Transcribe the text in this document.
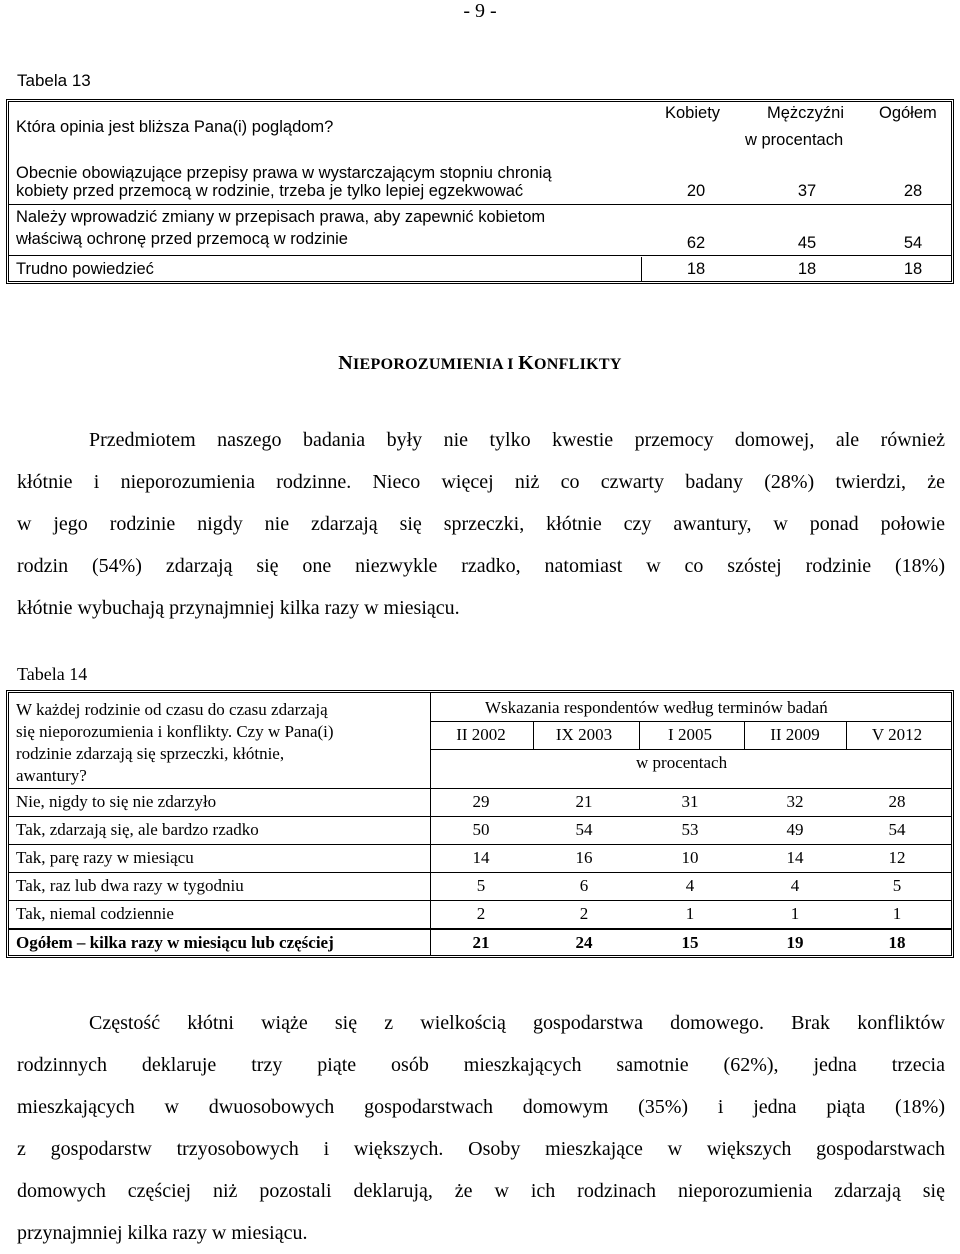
- 9 -
Tabela 13
Która opinia jest bliższa Pana(i) poglądom?
Kobiety	Mężczyźni Ogółem
w procentach
Obecnie obowiązujące przepisy prawa w wystarczającym stopniu chronią
kobiety przed przemocą w rodzinie, trzeba je tylko lepiej egzekwować	20	37	28
Należy wprowadzić zmiany w przepisach prawa, aby zapewnić kobietom
właściwą ochronę przed przemocą w rodzinie	62	45	54
Trudno powiedzieć	18	18	18
NIEPOROZUMIENIA I KONFLIKTY
Przedmiotem naszego badania były nie tylko kwestie przemocy domowej, ale również
kłótnie i nieporozumienia rodzinne. Nieco więcej niż co czwarty badany (28%) twierdzi, że
w jego rodzinie nigdy nie zdarzają się sprzeczki, kłótnie czy awantury, w ponad połowie
rodzin (54%) zdarzają się one niezwykle rzadko, natomiast w co szóstej rodzinie (18%)
kłótnie wybuchają przynajmniej kilka razy w miesiącu.
Tabela 14
W każdej rodzinie od czasu do czasu zdarzają
się nieporozumienia i konflikty. Czy w Pana(i)
rodzinie zdarzają się sprzeczki, kłótnie,
awantury?
Wskazania respondentów według terminów badań
II 2002	IX 2003	I 2005	II 2009	V 2012
w procentach
Nie, nigdy to się nie zdarzyło	29	21	31	32	28
Tak, zdarzają się, ale bardzo rzadko	50	54	53	49	54
Tak, parę razy w miesiącu	14	16	10	14	12
Tak, raz lub dwa razy w tygodniu	5	6	4	4	5
Tak, niemal codziennie	2	2	1	1	1
Ogółem – kilka razy w miesiącu lub częściej	21	24	15	19	18
Częstość kłótni wiąże się z wielkością gospodarstwa domowego. Brak konfliktów
rodzinnych deklaruje trzy piąte osób mieszkających samotnie (62%), jedna trzecia
mieszkających w dwuosobowych gospodarstwach domowym (35%) i jedna piąta (18%)
z gospodarstw trzyosobowych i większych. Osoby mieszkające w większych gospodarstwach
domowych częściej niż pozostali deklarują, że w ich rodzinach nieporozumienia zdarzają się
przynajmniej kilka razy w miesiącu.
